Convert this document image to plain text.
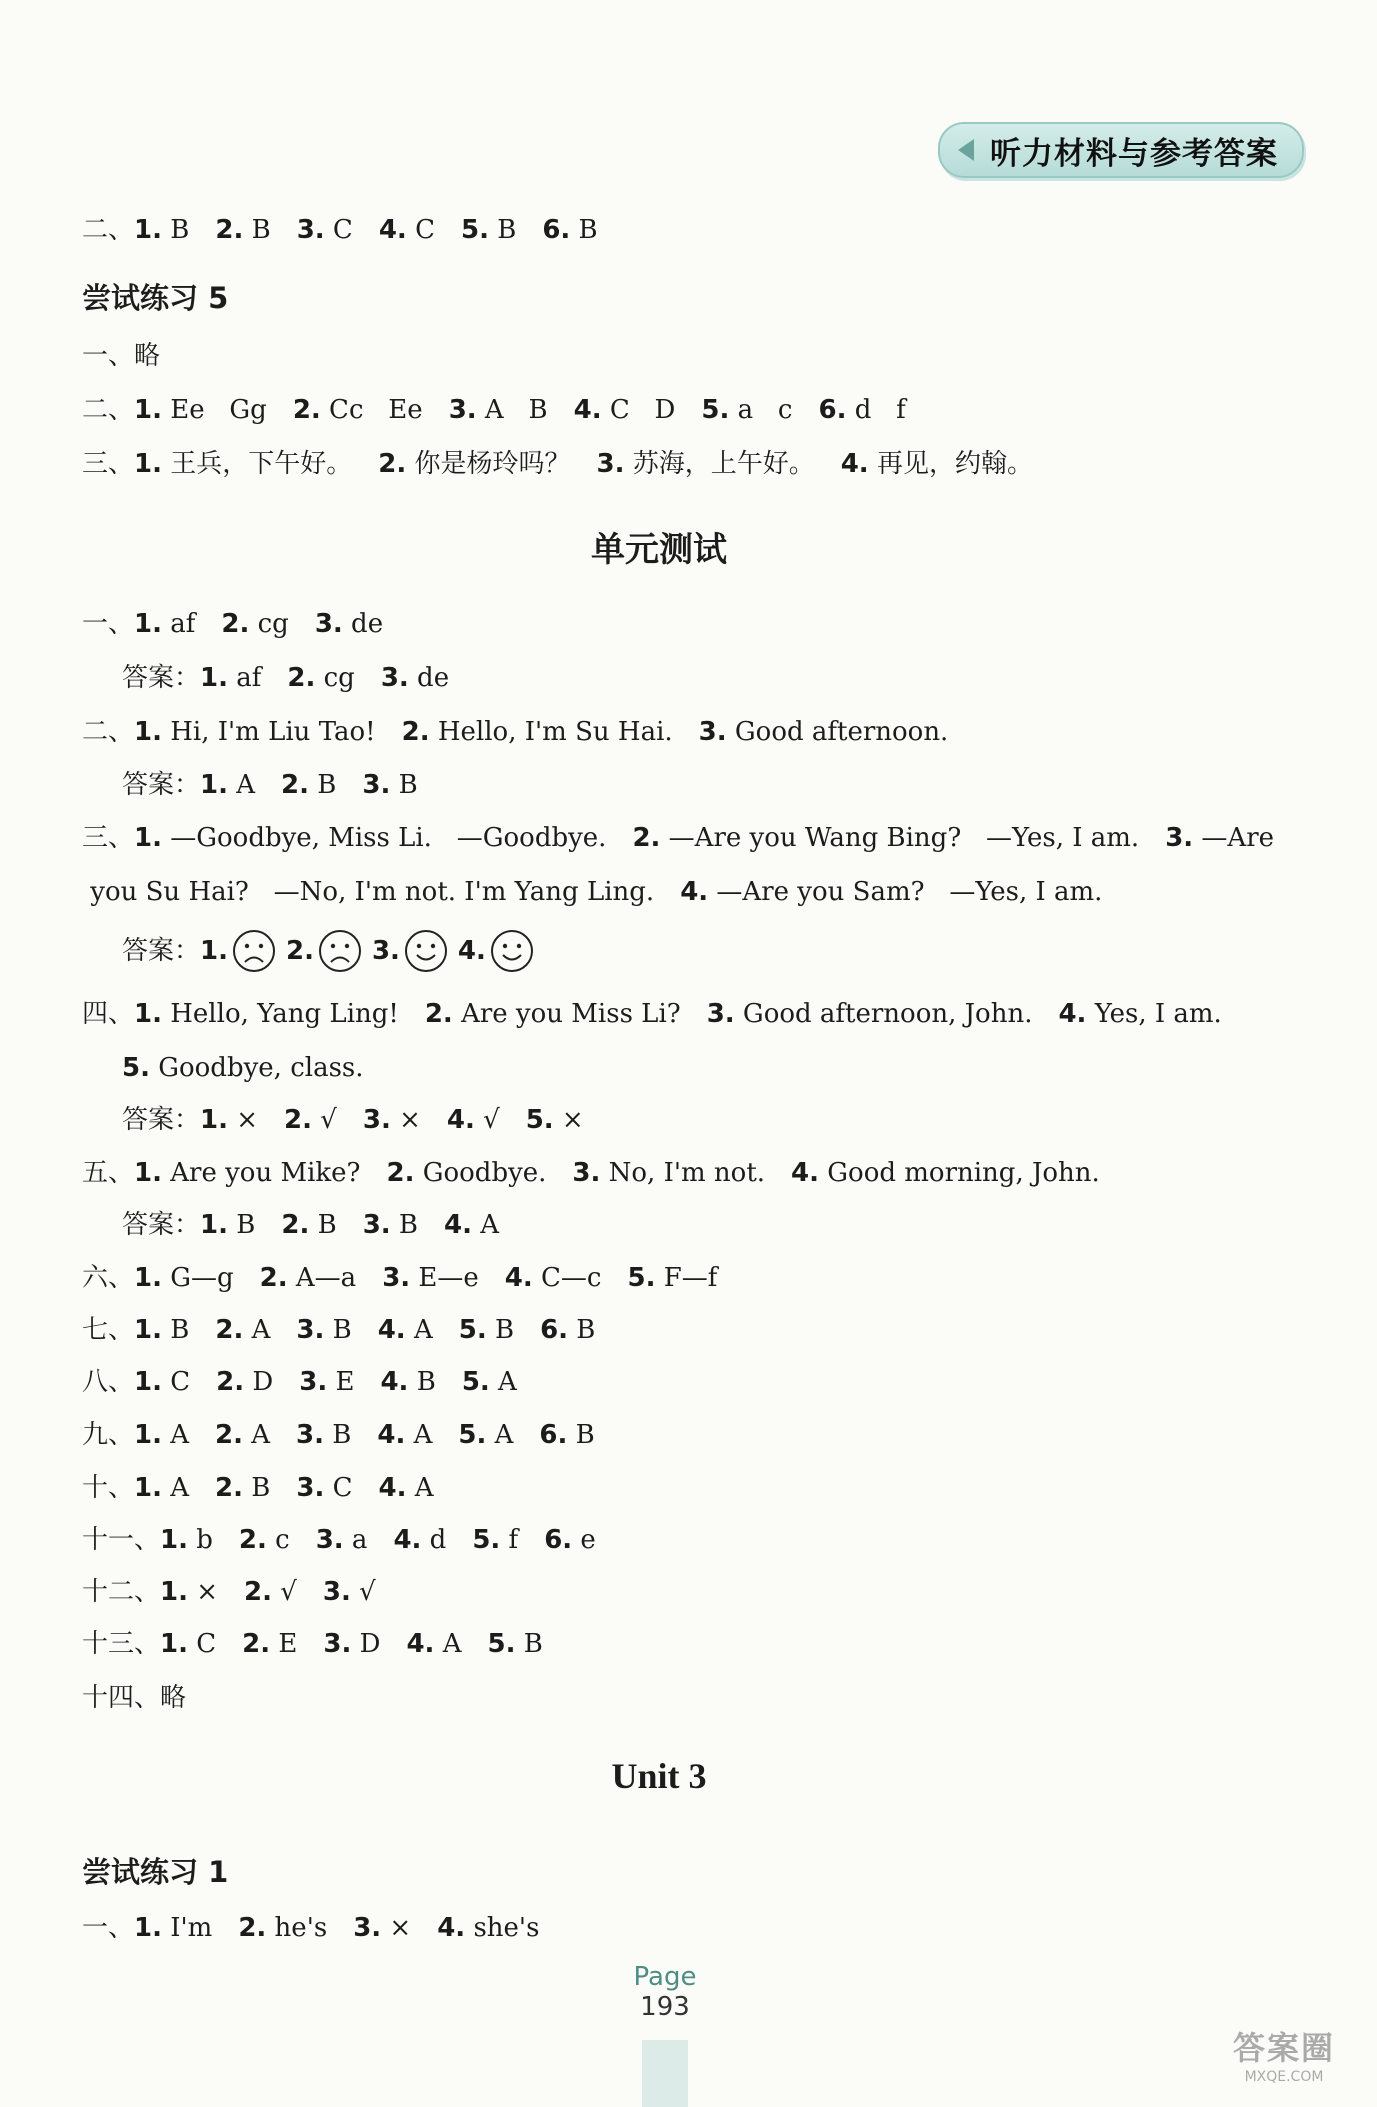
听力材料与参考答案
二、1. B 2. B 3. C 4. C 5. B 6. B
尝试练习 5
一、略
二、1. Ee   Gg 2. Cc   Ee 3. A   B 4. C   D 5. a   c 6. d   f
三、1. 王兵，下午好。 2. 你是杨玲吗？ 3. 苏海，上午好。 4. 再见，约翰。
单元测试
一、1. af 2. cg 3. de
答案：1. af 2. cg 3. de
二、1. Hi, I'm Liu Tao! 2. Hello, I'm Su Hai. 3. Good afternoon.
答案：1. A 2. B 3. B
三、1. —Goodbye, Miss Li.   —Goodbye. 2. —Are you Wang Bing?   —Yes, I am. 3. —Are
you Su Hai?   —No, I'm not. I'm Yang Ling. 4. —Are you Sam?   —Yes, I am.
答案： 1. 2. 3. 4.
四、1. Hello, Yang Ling! 2. Are you Miss Li? 3. Good afternoon, John. 4. Yes, I am.
5. Goodbye, class.
答案：1. × 2. √ 3. × 4. √ 5. ×
五、1. Are you Mike? 2. Goodbye. 3. No, I'm not. 4. Good morning, John.
答案：1. B 2. B 3. B 4. A
六、1. G—g 2. A—a 3. E—e 4. C—c 5. F—f
七、1. B 2. A 3. B 4. A 5. B 6. B
八、1. C 2. D 3. E 4. B 5. A
九、1. A 2. A 3. B 4. A 5. A 6. B
十、1. A 2. B 3. C 4. A
十一、1. b 2. c 3. a 4. d 5. f 6. e
十二、1. × 2. √ 3. √
十三、1. C 2. E 3. D 4. A 5. B
十四、略
Unit 3
尝试练习 1
一、1. I'm 2. he's 3. × 4. she's
Page
193
答案圈
MXQE.COM
